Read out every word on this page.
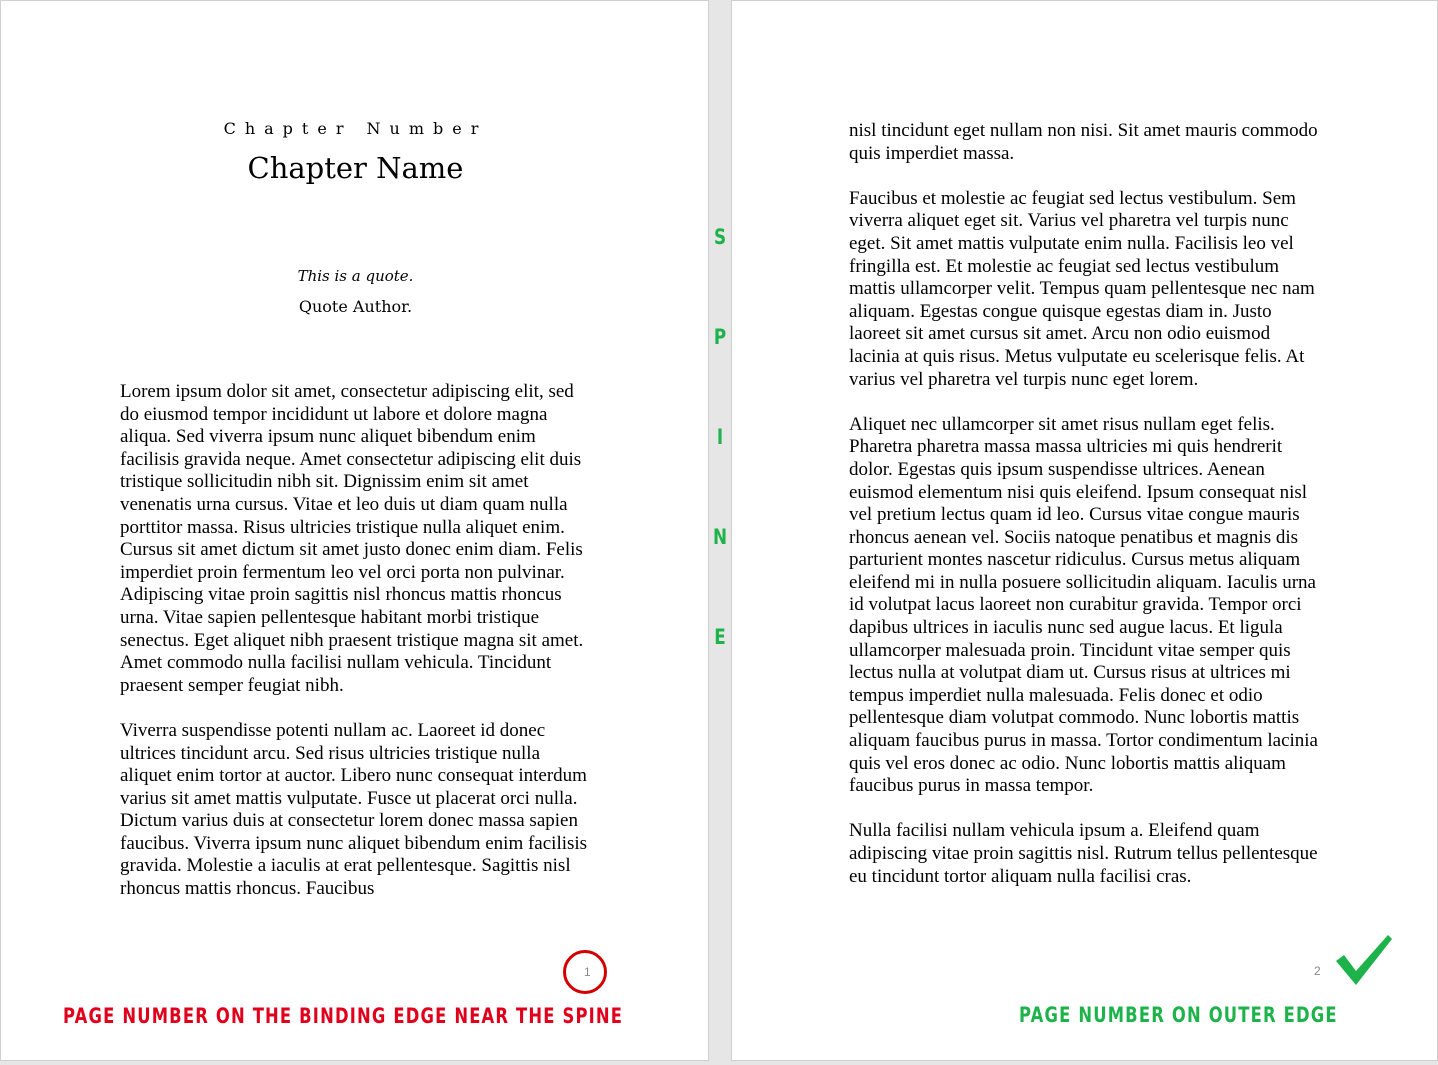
Chapter Number
Chapter Name
This is a quote.
Quote Author.

Lorem ipsum dolor sit amet, consectetur adipiscing elit, sed do eiusmod tempor incididunt ut labore et dolore magna aliqua. Sed viverra ipsum nunc aliquet bibendum enim facilisis gravida neque. Amet consectetur adipiscing elit duis tristique sollicitudin nibh sit. Dignissim enim sit amet venenatis urna cursus. Vitae et leo duis ut diam quam nulla porttitor massa. Risus ultricies tristique nulla aliquet enim. Cursus sit amet dictum sit amet justo donec enim diam. Felis imperdiet proin fermentum leo vel orci porta non pulvinar. Adipiscing vitae proin sagittis nisl rhoncus mattis rhoncus urna. Vitae sapien pellentesque habitant morbi tristique senectus. Eget aliquet nibh praesent tristique magna sit amet. Amet commodo nulla facilisi nullam vehicula. Tincidunt praesent semper feugiat nibh.

Viverra suspendisse potenti nullam ac. Laoreet id donec ultrices tincidunt arcu. Sed risus ultricies tristique nulla aliquet enim tortor at auctor. Libero nunc consequat interdum varius sit amet mattis vulputate. Fusce ut placerat orci nulla. Dictum varius duis at consectetur lorem donec massa sapien faucibus. Viverra ipsum nunc aliquet bibendum enim facilisis gravida. Molestie a iaculis at erat pellentesque. Sagittis nisl rhoncus mattis rhoncus. Faucibus

1
PAGE NUMBER ON THE BINDING EDGE NEAR THE SPINE
S
P
I
N
E

nisl tincidunt eget nullam non nisi. Sit amet mauris commodo quis imperdiet massa.

Faucibus et molestie ac feugiat sed lectus vestibulum. Sem viverra aliquet eget sit. Varius vel pharetra vel turpis nunc eget. Sit amet mattis vulputate enim nulla. Facilisis leo vel fringilla est. Et molestie ac feugiat sed lectus vestibulum mattis ullamcorper velit. Tempus quam pellentesque nec nam aliquam. Egestas congue quisque egestas diam in. Justo laoreet sit amet cursus sit amet. Arcu non odio euismod lacinia at quis risus. Metus vulputate eu scelerisque felis. At varius vel pharetra vel turpis nunc eget lorem.

Aliquet nec ullamcorper sit amet risus nullam eget felis. Pharetra pharetra massa massa ultricies mi quis hendrerit dolor. Egestas quis ipsum suspendisse ultrices. Aenean euismod elementum nisi quis eleifend. Ipsum consequat nisl vel pretium lectus quam id leo. Cursus vitae congue mauris rhoncus aenean vel. Sociis natoque penatibus et magnis dis parturient montes nascetur ridiculus. Cursus metus aliquam eleifend mi in nulla posuere sollicitudin aliquam. Iaculis urna id volutpat lacus laoreet non curabitur gravida. Tempor orci dapibus ultrices in iaculis nunc sed augue lacus. Et ligula ullamcorper malesuada proin. Tincidunt vitae semper quis lectus nulla at volutpat diam ut. Cursus risus at ultrices mi tempus imperdiet nulla malesuada. Felis donec et odio pellentesque diam volutpat commodo. Nunc lobortis mattis aliquam faucibus purus in massa. Tortor condimentum lacinia quis vel eros donec ac odio. Nunc lobortis mattis aliquam faucibus purus in massa tempor.

Nulla facilisi nullam vehicula ipsum a. Eleifend quam adipiscing vitae proin sagittis nisl. Rutrum tellus pellentesque eu tincidunt tortor aliquam nulla facilisi cras.

2
PAGE NUMBER ON OUTER EDGE
